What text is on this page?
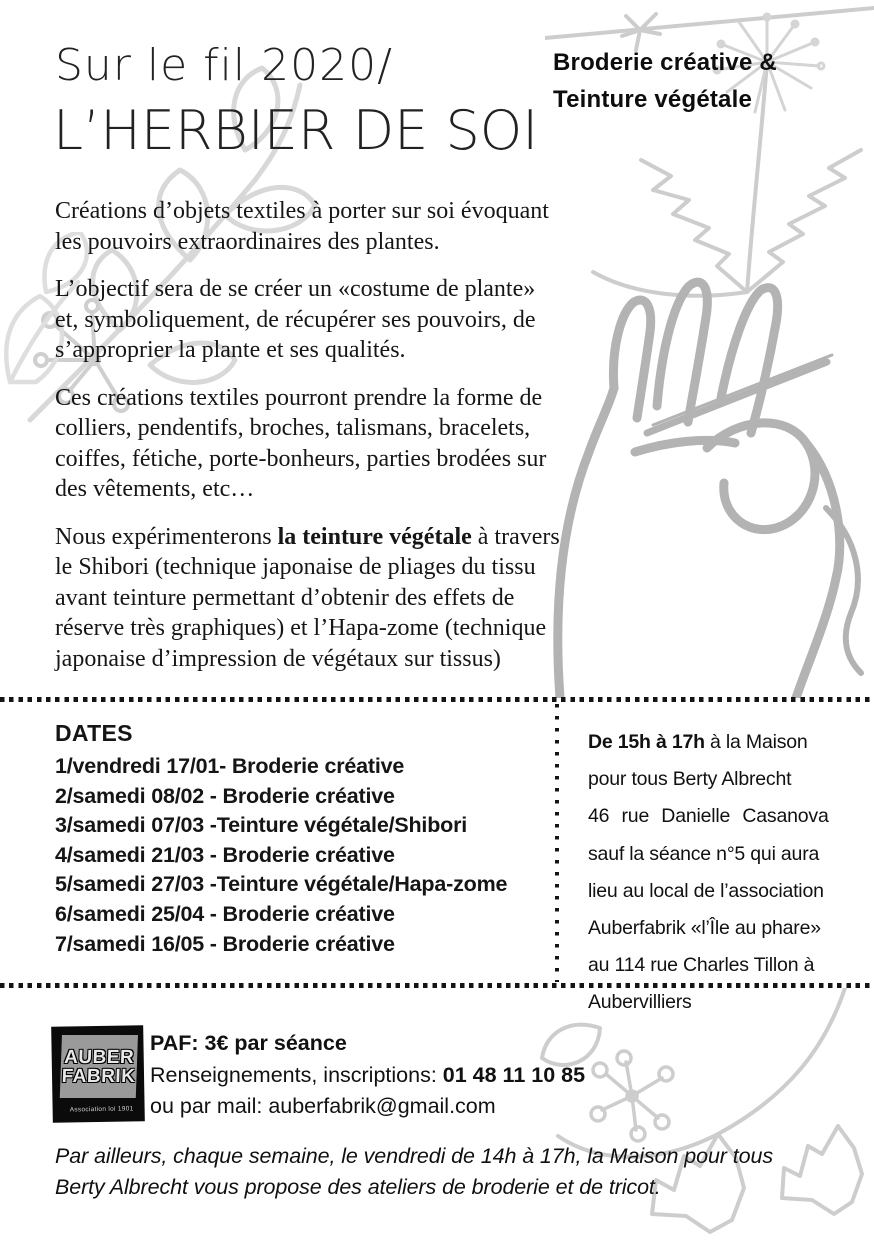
Sur le fil 2020/
L’HERBIER DE SOI
Broderie créative &
Teinture végétale

Créations d’objets textiles à porter sur soi évoquant les pouvoirs extraordinaires des plantes.

L’objectif sera de se créer un «costume de plante» et, symboliquement, de récupérer ses pouvoirs, de s’approprier la plante et ses qualités.

Ces créations textiles pourront prendre la forme de colliers, pendentifs, broches, talismans, bracelets, coiffes, fétiche, porte-bonheurs, parties brodées sur des vêtements, etc…

Nous expérimenterons la teinture végétale à travers le Shibori (technique japonaise de pliages du tissu avant teinture permettant d’obtenir des effets de réserve très graphiques) et l’Hapa-zome (technique japonaise d’impression de végétaux sur tissus)

DATES
1/vendredi 17/01- Broderie créative
2/samedi 08/02 - Broderie créative
3/samedi 07/03 -Teinture végétale/Shibori
4/samedi 21/03 - Broderie créative
5/samedi 27/03 -Teinture végétale/Hapa-zome
6/samedi 25/04 - Broderie créative
7/samedi 16/05 - Broderie créative
De 15h à 17h à la Maison
pour tous Berty Albrecht
46 rue Danielle Casanova
sauf la séance n°5 qui aura
lieu au local de l’association
Auberfabrik «l’Île au phare»
au 114 rue Charles Tillon à
Aubervilliers
AUBER
FABRIK
Association loi 1901
PAF: 3€ par séance
Renseignements, inscriptions: 01 48 11 10 85
ou par mail: auberfabrik@gmail.com
Par ailleurs, chaque semaine, le vendredi de 14h à 17h, la Maison pour tous Berty Albrecht vous propose des ateliers de broderie et de tricot.
